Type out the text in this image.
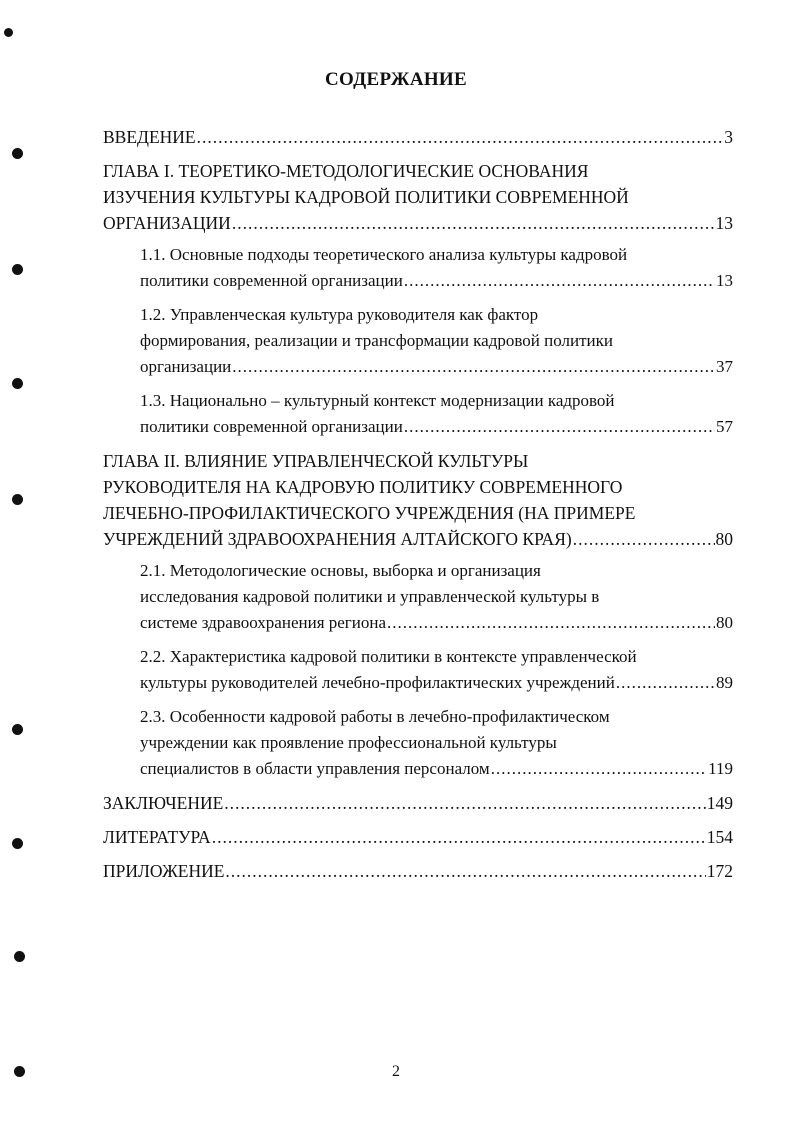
СОДЕРЖАНИЕ
ВВЕДЕНИЕ .....	3
ГЛАВА I. ТЕОРЕТИКО-МЕТОДОЛОГИЧЕСКИЕ ОСНОВАНИЯ
ИЗУЧЕНИЯ КУЛЬТУРЫ КАДРОВОЙ ПОЛИТИКИ СОВРЕМЕННОЙ
ОРГАНИЗАЦИИ .....	13
1.1. Основные подходы теоретического анализа культуры кадровой
политики современной организации .....	13
1.2. Управленческая культура руководителя как фактор
формирования, реализации и трансформации кадровой политики
организации .....	37
1.3. Национально – культурный контекст модернизации кадровой
политики современной организации .....	57
ГЛАВА II. ВЛИЯНИЕ УПРАВЛЕНЧЕСКОЙ КУЛЬТУРЫ
РУКОВОДИТЕЛЯ НА КАДРОВУЮ ПОЛИТИКУ СОВРЕМЕННОГО
ЛЕЧЕБНО-ПРОФИЛАКТИЧЕСКОГО УЧРЕЖДЕНИЯ (НА ПРИМЕРЕ
УЧРЕЖДЕНИЙ ЗДРАВООХРАНЕНИЯ АЛТАЙСКОГО КРАЯ) .....	80
2.1. Методологические основы, выборка и организация
исследования кадровой политики и управленческой культуры в
системе здравоохранения региона .....	80
2.2. Характеристика кадровой политики в контексте управленческой
культуры руководителей лечебно-профилактических учреждений .....	89
2.3. Особенности кадровой работы в лечебно-профилактическом
учреждении как проявление профессиональной культуры
специалистов в области управления персоналом .....	119
ЗАКЛЮЧЕНИЕ .....	149
ЛИТЕРАТУРА .....	154
ПРИЛОЖЕНИЕ .....	172
2
